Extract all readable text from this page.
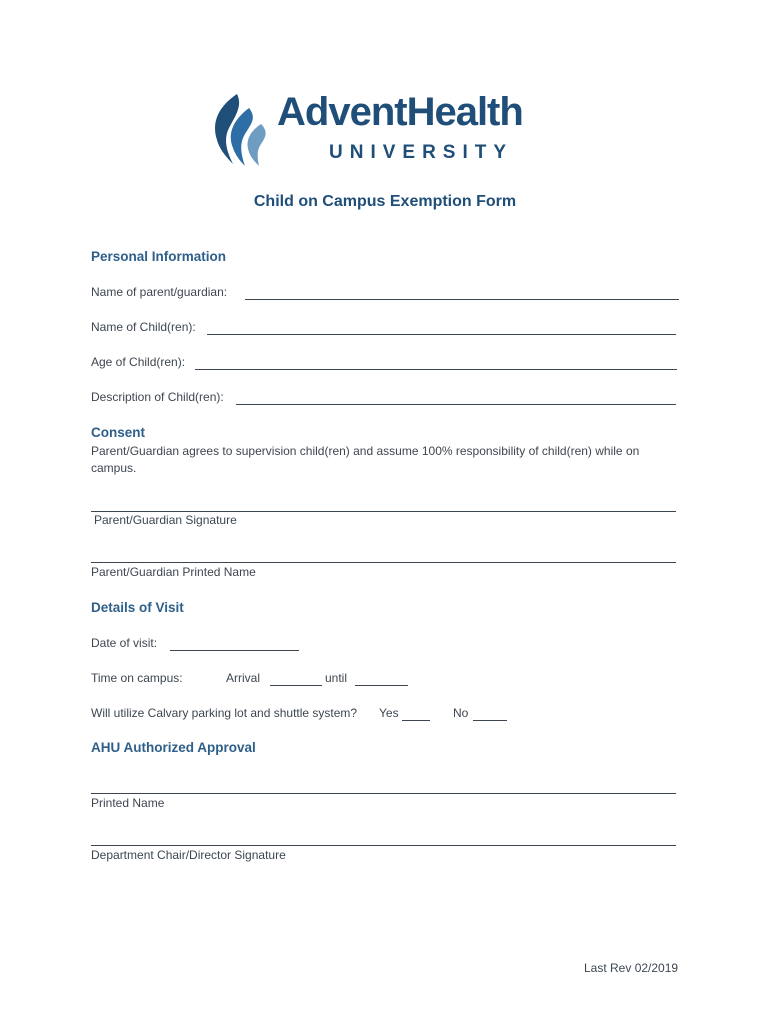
AdventHealth
UNIVERSITY
Child on Campus Exemption Form
Personal Information
Name of parent/guardian:
Name of Child(ren):
Age of Child(ren):
Description of Child(ren):
Consent
Parent/Guardian agrees to supervision child(ren) and assume 100% responsibility of child(ren) while on campus.
Parent/Guardian Signature
Parent/Guardian Printed Name
Details of Visit
Date of visit:
Time on campus:	Arrival	until
Will utilize Calvary parking lot and shuttle system? Yes	No
AHU Authorized Approval
Printed Name
Department Chair/Director Signature
Last Rev 02/2019
